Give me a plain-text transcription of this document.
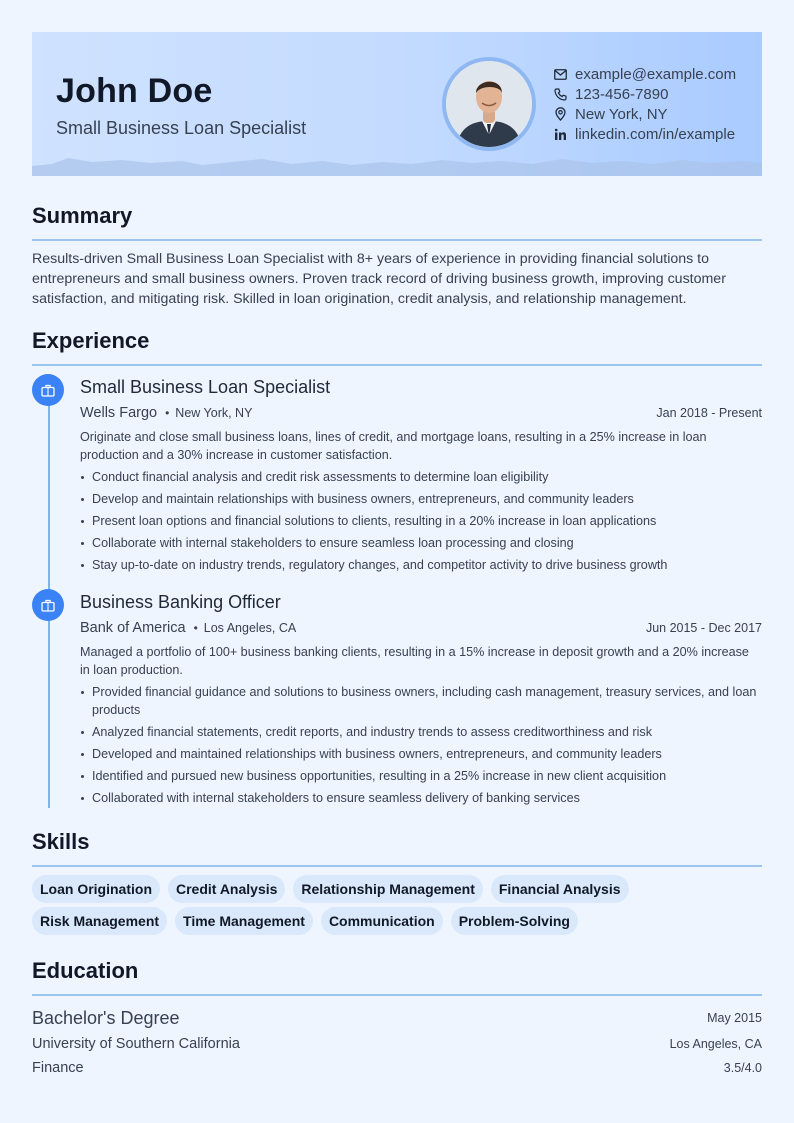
John Doe
Small Business Loan Specialist
example@example.com
123-456-7890
New York, NY
linkedin.com/in/example
Summary
Results-driven Small Business Loan Specialist with 8+ years of experience in providing financial solutions to entrepreneurs and small business owners. Proven track record of driving business growth, improving customer satisfaction, and mitigating risk. Skilled in loan origination, credit analysis, and relationship management.
Experience
Small Business Loan Specialist
Wells Fargo • New York, NY	Jan 2018 - Present
Originate and close small business loans, lines of credit, and mortgage loans, resulting in a 25% increase in loan production and a 30% increase in customer satisfaction.
Conduct financial analysis and credit risk assessments to determine loan eligibility
Develop and maintain relationships with business owners, entrepreneurs, and community leaders
Present loan options and financial solutions to clients, resulting in a 20% increase in loan applications
Collaborate with internal stakeholders to ensure seamless loan processing and closing
Stay up-to-date on industry trends, regulatory changes, and competitor activity to drive business growth
Business Banking Officer
Bank of America • Los Angeles, CA	Jun 2015 - Dec 2017
Managed a portfolio of 100+ business banking clients, resulting in a 15% increase in deposit growth and a 20% increase in loan production.
Provided financial guidance and solutions to business owners, including cash management, treasury services, and loan products
Analyzed financial statements, credit reports, and industry trends to assess creditworthiness and risk
Developed and maintained relationships with business owners, entrepreneurs, and community leaders
Identified and pursued new business opportunities, resulting in a 25% increase in new client acquisition
Collaborated with internal stakeholders to ensure seamless delivery of banking services
Skills
Loan Origination	Credit Analysis	Relationship Management	Financial Analysis
Risk Management	Time Management	Communication	Problem-Solving
Education
Bachelor's Degree	May 2015
University of Southern California	Los Angeles, CA
Finance	3.5/4.0
